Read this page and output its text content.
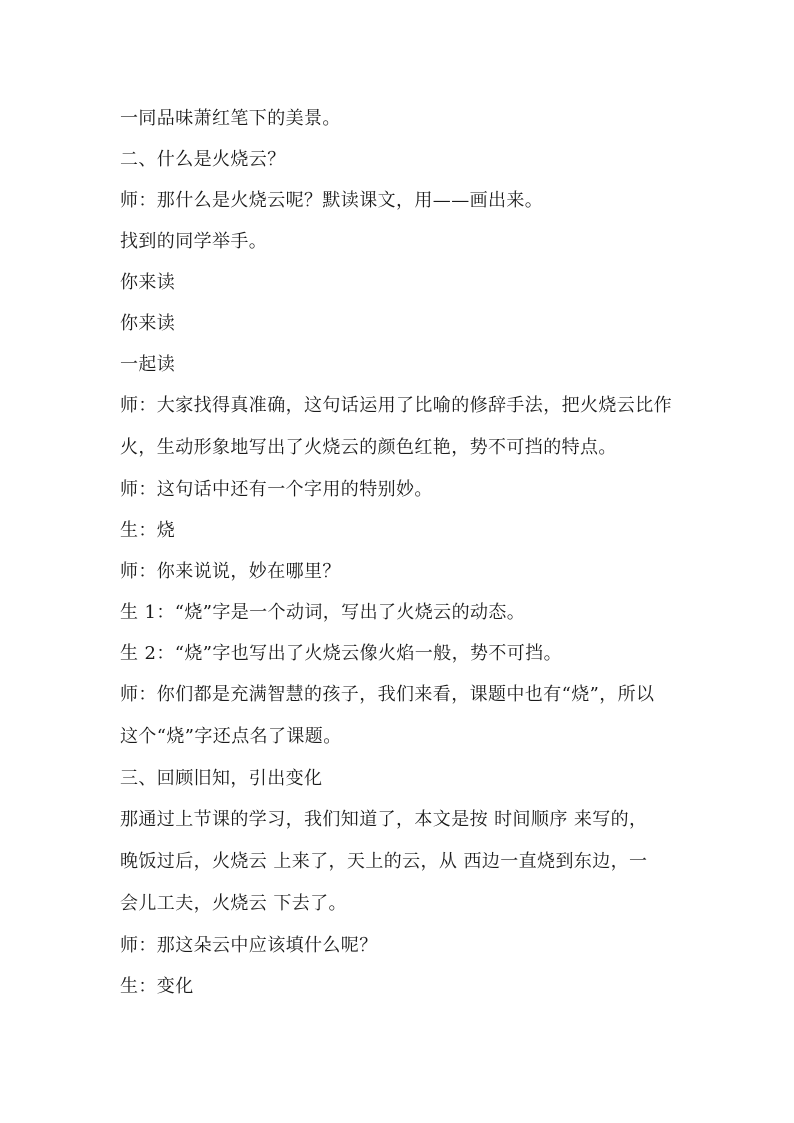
一同品味萧红笔下的美景。

二、什么是火烧云？

师：那什么是火烧云呢？默读课文，用——画出来。

找到的同学举手。

你来读

你来读

一起读

师：大家找得真准确，这句话运用了比喻的修辞手法，把火烧云比作
火，生动形象地写出了火烧云的颜色红艳，势不可挡的特点。

师：这句话中还有一个字用的特别妙。

生：烧

师：你来说说，妙在哪里？

生 1：“烧”字是一个动词，写出了火烧云的动态。

生 2：“烧”字也写出了火烧云像火焰一般，势不可挡。

师：你们都是充满智慧的孩子，我们来看，课题中也有“烧”，所以
这个“烧”字还点名了课题。

三、回顾旧知，引出变化

那通过上节课的学习，我们知道了，本文是按 时间顺序 来写的，
晚饭过后，火烧云 上来了，天上的云，从 西边一直烧到东边，一
会儿工夫，火烧云 下去了。

师：那这朵云中应该填什么呢？

生：变化
